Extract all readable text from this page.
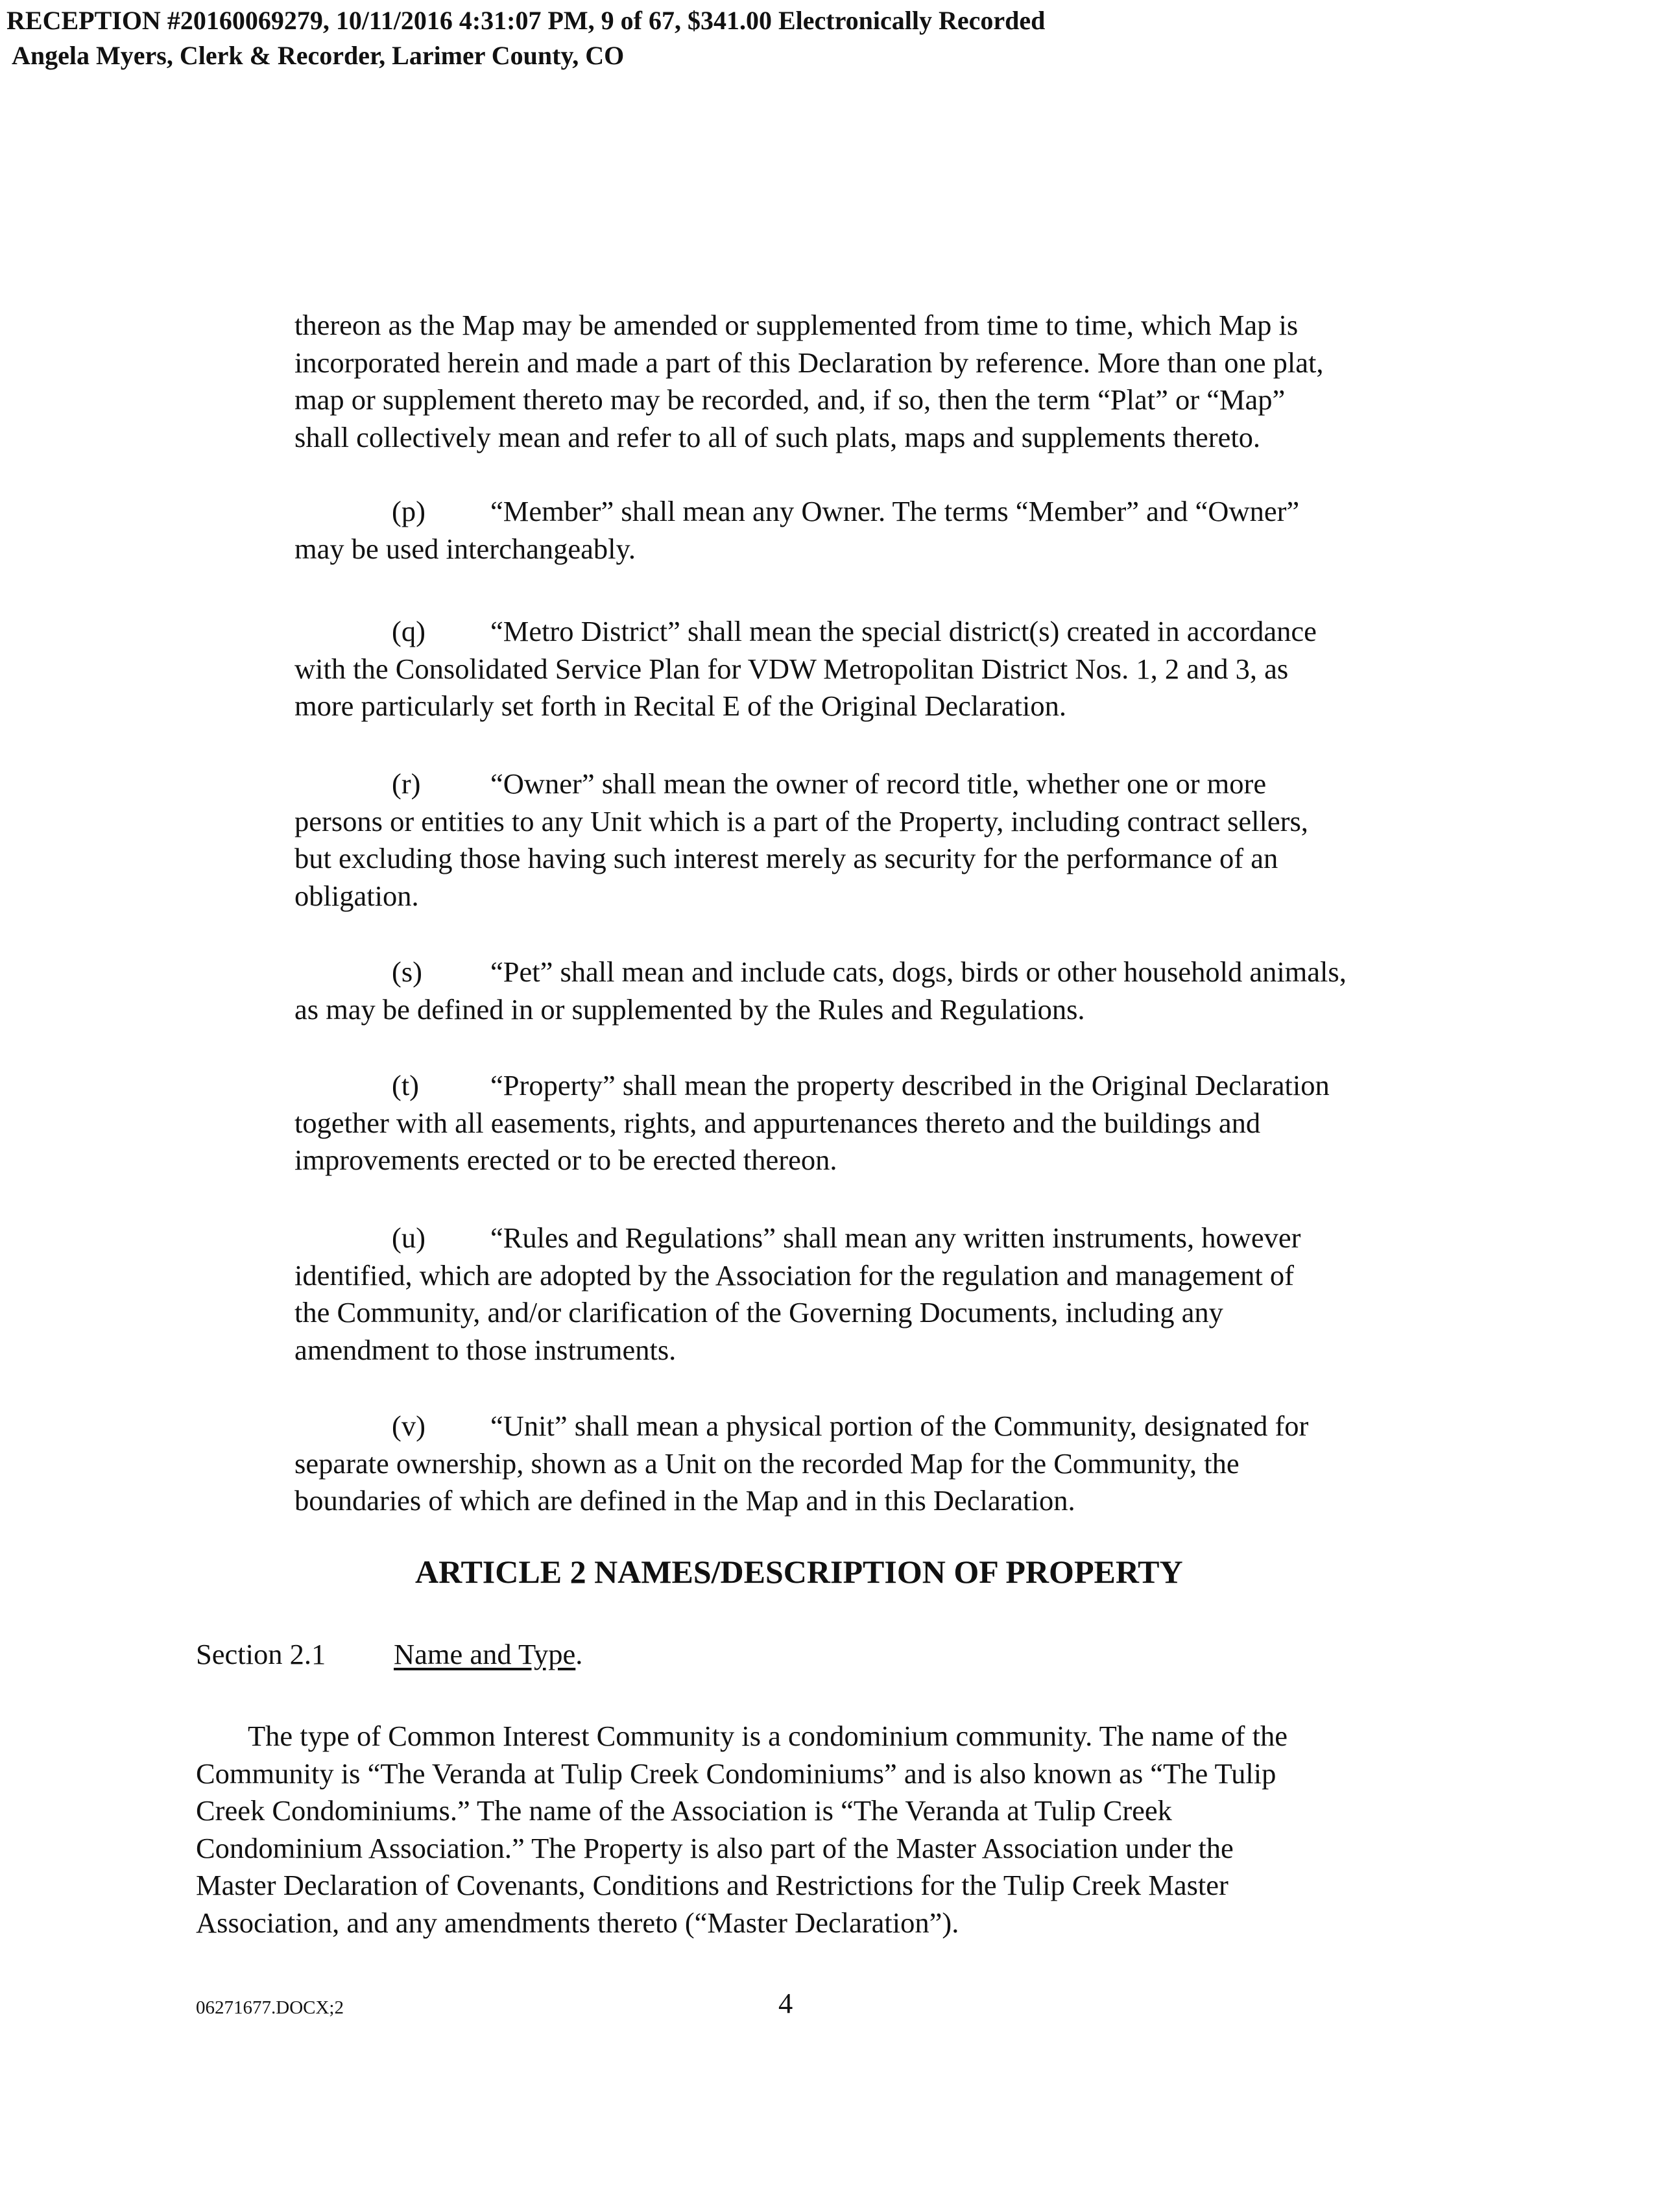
RECEPTION #20160069279, 10/11/2016 4:31:07 PM, 9 of 67, $341.00 Electronically Recorded
Angela Myers, Clerk & Recorder, Larimer County, CO

thereon as the Map may be amended or supplemented from time to time, which Map is
incorporated herein and made a part of this Declaration by reference. More than one plat,
map or supplement thereto may be recorded, and, if so, then the term “Plat” or “Map”
shall collectively mean and refer to all of such plats, maps and supplements thereto.

(p) “Member” shall mean any Owner. The terms “Member” and “Owner”
may be used interchangeably.

(q) “Metro District” shall mean the special district(s) created in accordance
with the Consolidated Service Plan for VDW Metropolitan District Nos. 1, 2 and 3, as
more particularly set forth in Recital E of the Original Declaration.

(r) “Owner” shall mean the owner of record title, whether one or more
persons or entities to any Unit which is a part of the Property, including contract sellers,
but excluding those having such interest merely as security for the performance of an
obligation.

(s) “Pet” shall mean and include cats, dogs, birds or other household animals,
as may be defined in or supplemented by the Rules and Regulations.

(t) “Property” shall mean the property described in the Original Declaration
together with all easements, rights, and appurtenances thereto and the buildings and
improvements erected or to be erected thereon.

(u) “Rules and Regulations” shall mean any written instruments, however
identified, which are adopted by the Association for the regulation and management of
the Community, and/or clarification of the Governing Documents, including any
amendment to those instruments.

(v) “Unit” shall mean a physical portion of the Community, designated for
separate ownership, shown as a Unit on the recorded Map for the Community, the
boundaries of which are defined in the Map and in this Declaration.

ARTICLE 2 NAMES/DESCRIPTION OF PROPERTY
Section 2.1 Name and Type.

The type of Common Interest Community is a condominium community. The name of the
Community is “The Veranda at Tulip Creek Condominiums” and is also known as “The Tulip
Creek Condominiums.” The name of the Association is “The Veranda at Tulip Creek
Condominium Association.” The Property is also part of the Master Association under the
Master Declaration of Covenants, Conditions and Restrictions for the Tulip Creek Master
Association, and any amendments thereto (“Master Declaration”).

06271677.DOCX;2	4
